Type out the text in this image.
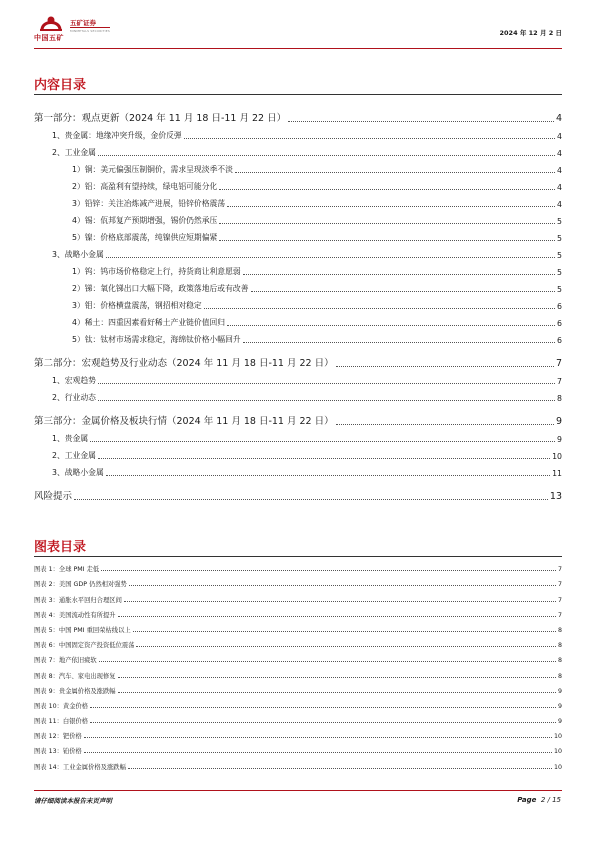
中国五矿
五矿证券
MINMETALS SECURITIES	2024 年 12 月 2 日
内容目录
第一部分：观点更新（2024 年 11 月 18 日-11 月 22 日）	4
1、贵金属：地缘冲突升级，金价反弹	4
2、工业金属	4
1）铜：美元偏强压制铜价，需求呈现淡季不淡	4
2）铝：高盈利有望持续，绿电铝可能分化	4
3）铅锌：关注冶炼减产进展，铅锌价格震荡	4
4）锡：佤邦复产预期增强，锡价仍然承压	5
5）镍：价格底部震荡，纯镍供应短期偏紧	5
3、战略小金属	5
1）钨：钨市场价格稳定上行，持货商让利意愿弱	5
2）锑：氧化锑出口大幅下降，政策落地后或有改善	5
3）钼：价格横盘震荡，钢招相对稳定	6
4）稀土：四重因素看好稀土产业链价值回归	6
5）钛：钛材市场需求稳定，海绵钛价格小幅回升	6
第二部分：宏观趋势及行业动态（2024 年 11 月 18 日-11 月 22 日）	7
1、宏观趋势	7
2、行业动态	8
第三部分：金属价格及板块行情（2024 年 11 月 18 日-11 月 22 日）	9
1、贵金属	9
2、工业金属	10
3、战略小金属	11
风险提示	13
图表目录
图表 1：全球 PMI 走低	7
图表 2：美国 GDP 仍然相对强势	7
图表 3：通胀水平回归合理区间	7
图表 4：美国流动性有所提升	7
图表 5：中国 PMI 重回荣枯线以上	8
图表 6：中国固定资产投资低位震荡	8
图表 7：地产依旧疲软	8
图表 8：汽车、家电出现修复	8
图表 9：贵金属价格及涨跌幅	9
图表 10：黄金价格	9
图表 11：白银价格	9
图表 12：钯价格	10
图表 13：铂价格	10
图表 14：工业金属价格及涨跌幅	10
请仔细阅读本报告末页声明	Page 2 / 15
